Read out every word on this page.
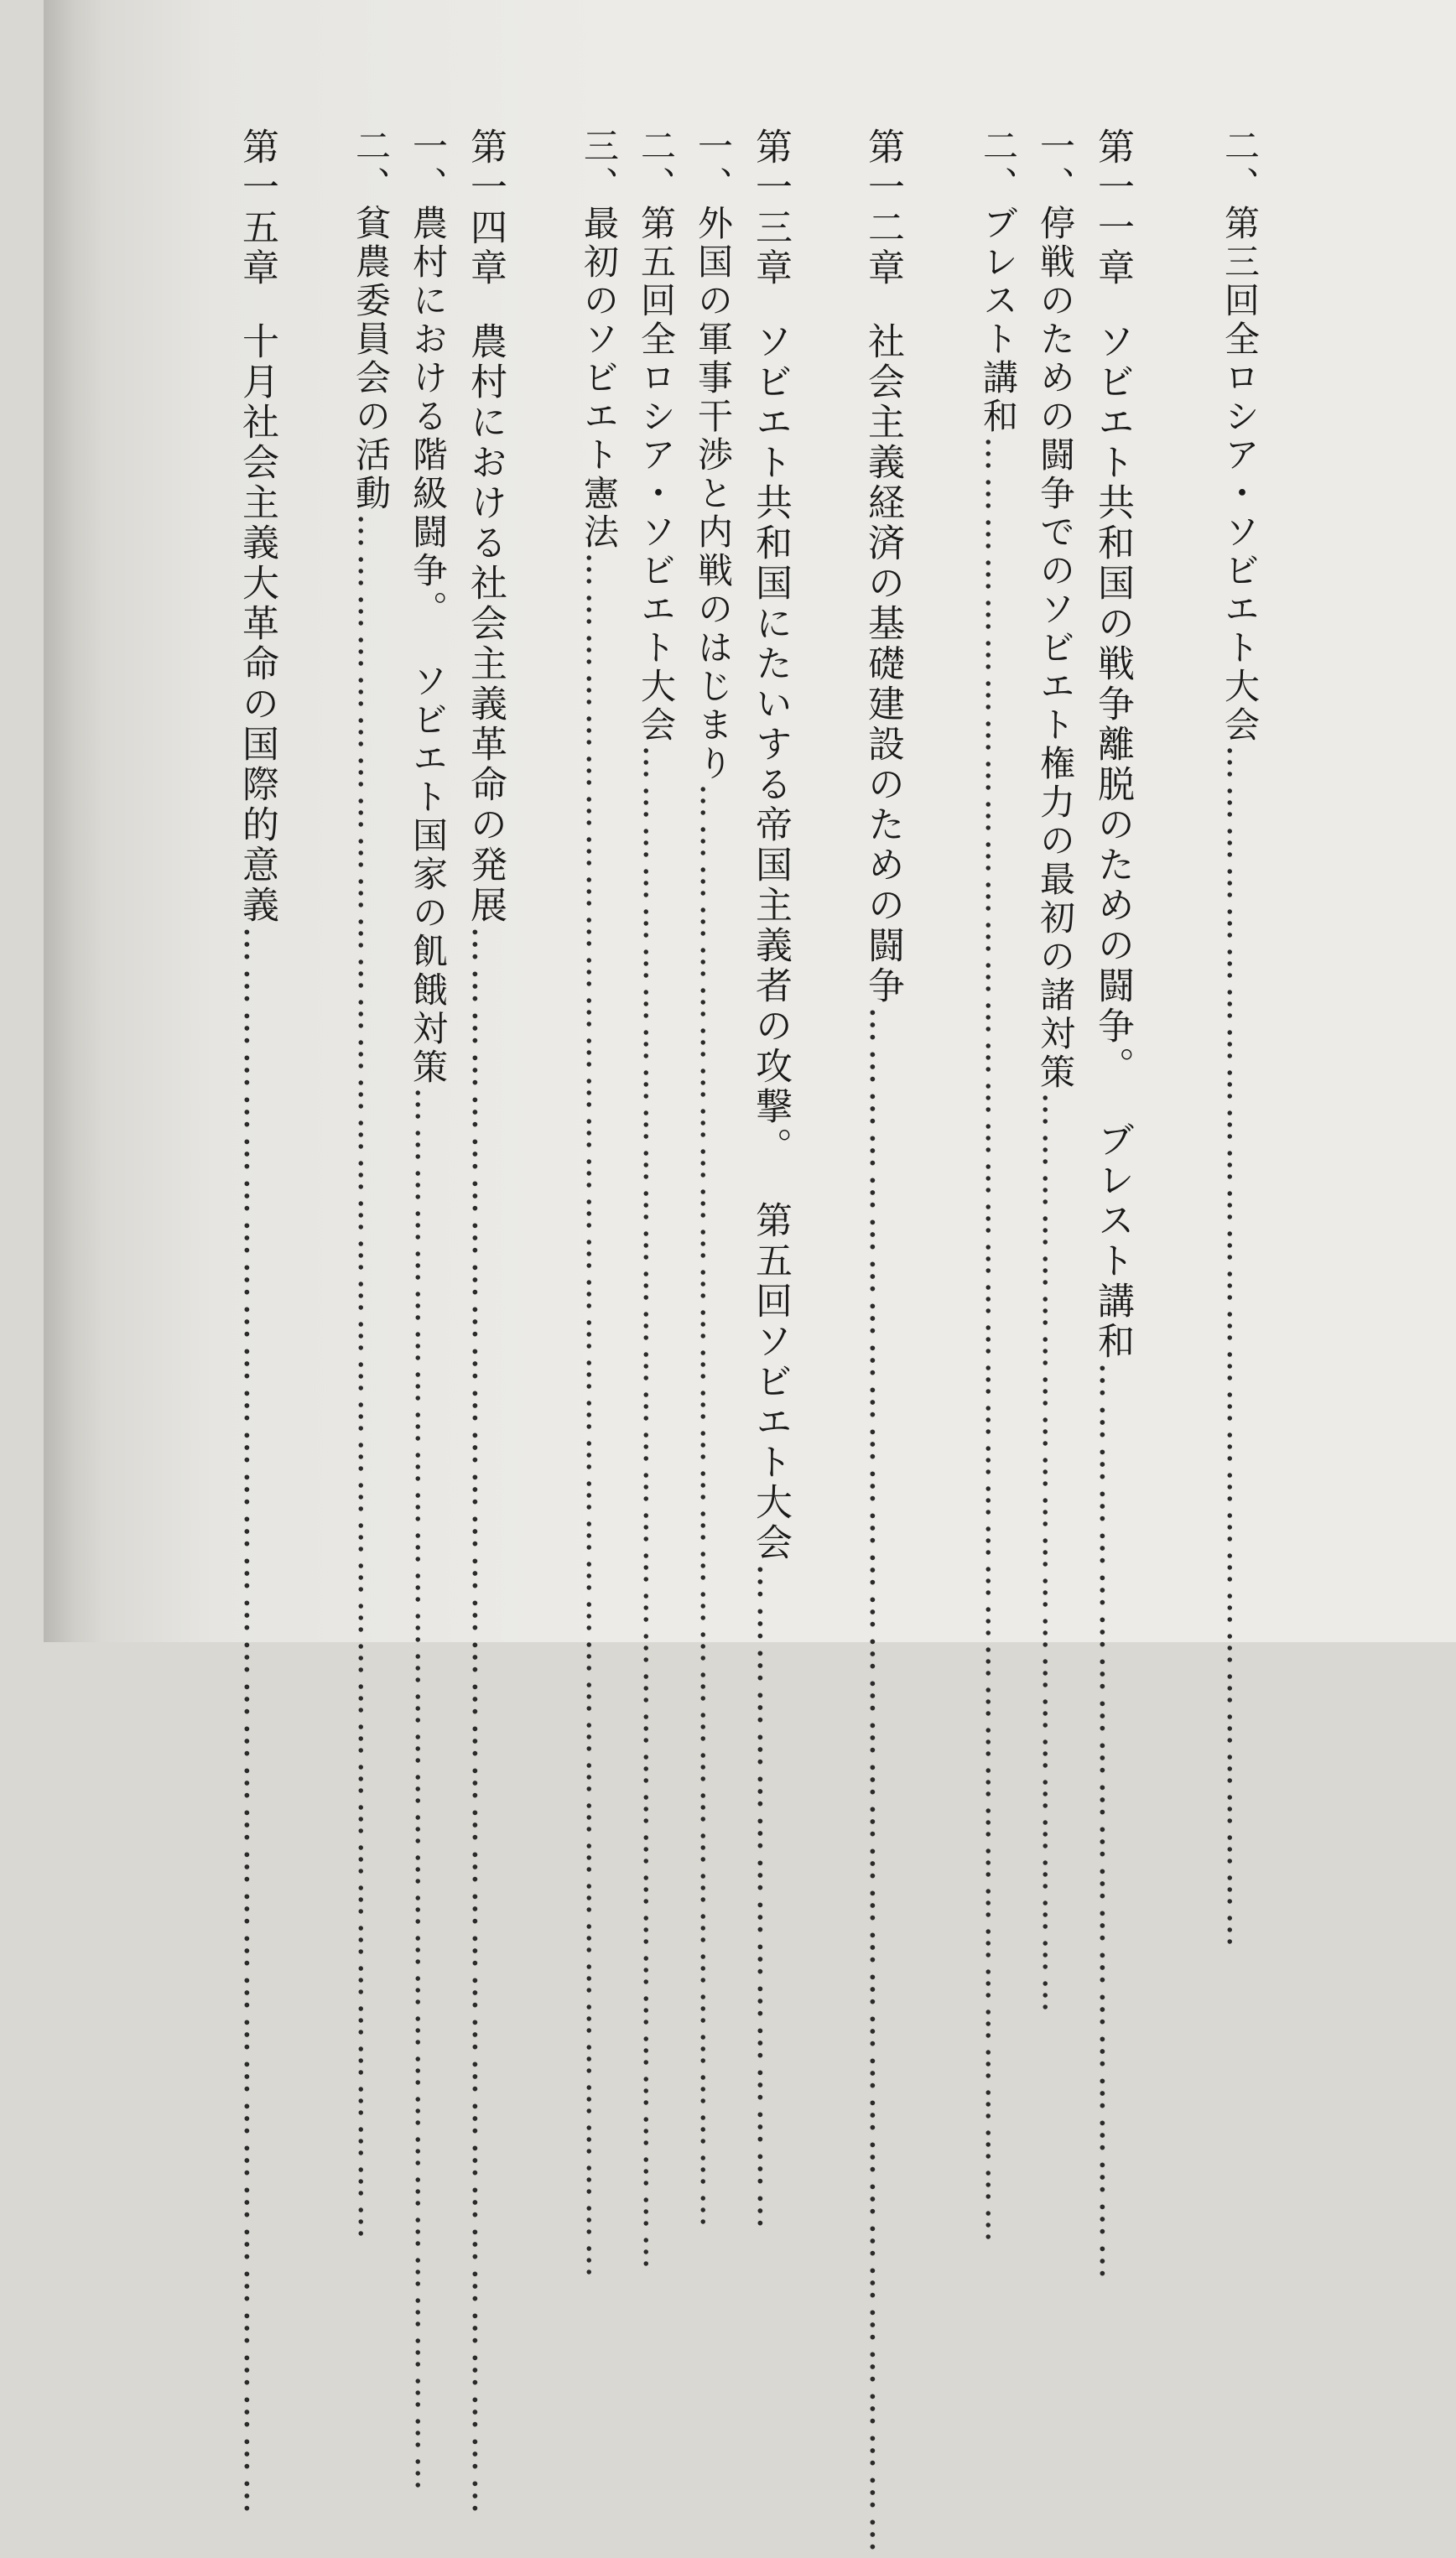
二、第三回全ロシア・ソビエト大会………………………………………………………………………………
第一一章ソビエト共和国の戦争離脱のための闘争。ブレスト講和…………………………………………………………
一、停戦のための闘争でのソビエト権力の最初の諸対策……………………………………………………………
二、ブレスト講和………………………………………………………………………………………………………………………
第一二章社会主義経済の基礎建設のための闘争…………………………………………………………………………………………………
第一三章ソビエト共和国にたいする帝国主義者の攻撃。第五回ソビエト大会…………………………………………
一、外国の軍事干渉と内戦のはじまり………………………………………………………………………………………………
二、第五回全ロシア・ソビエト大会……………………………………………………………………………………………………
三、最初のソビエト憲法…………………………………………………………………………………………………………………
第一四章農村における社会主義革命の発展……………………………………………………………………………………………………
一、農村における階級闘争。ソビエト国家の飢餓対策……………………………………………………………………………………………
二、貧農委員会の活動…………………………………………………………………………………………………………………
第一五章十月社会主義大革命の国際的意義……………………………………………………………………………………………………
